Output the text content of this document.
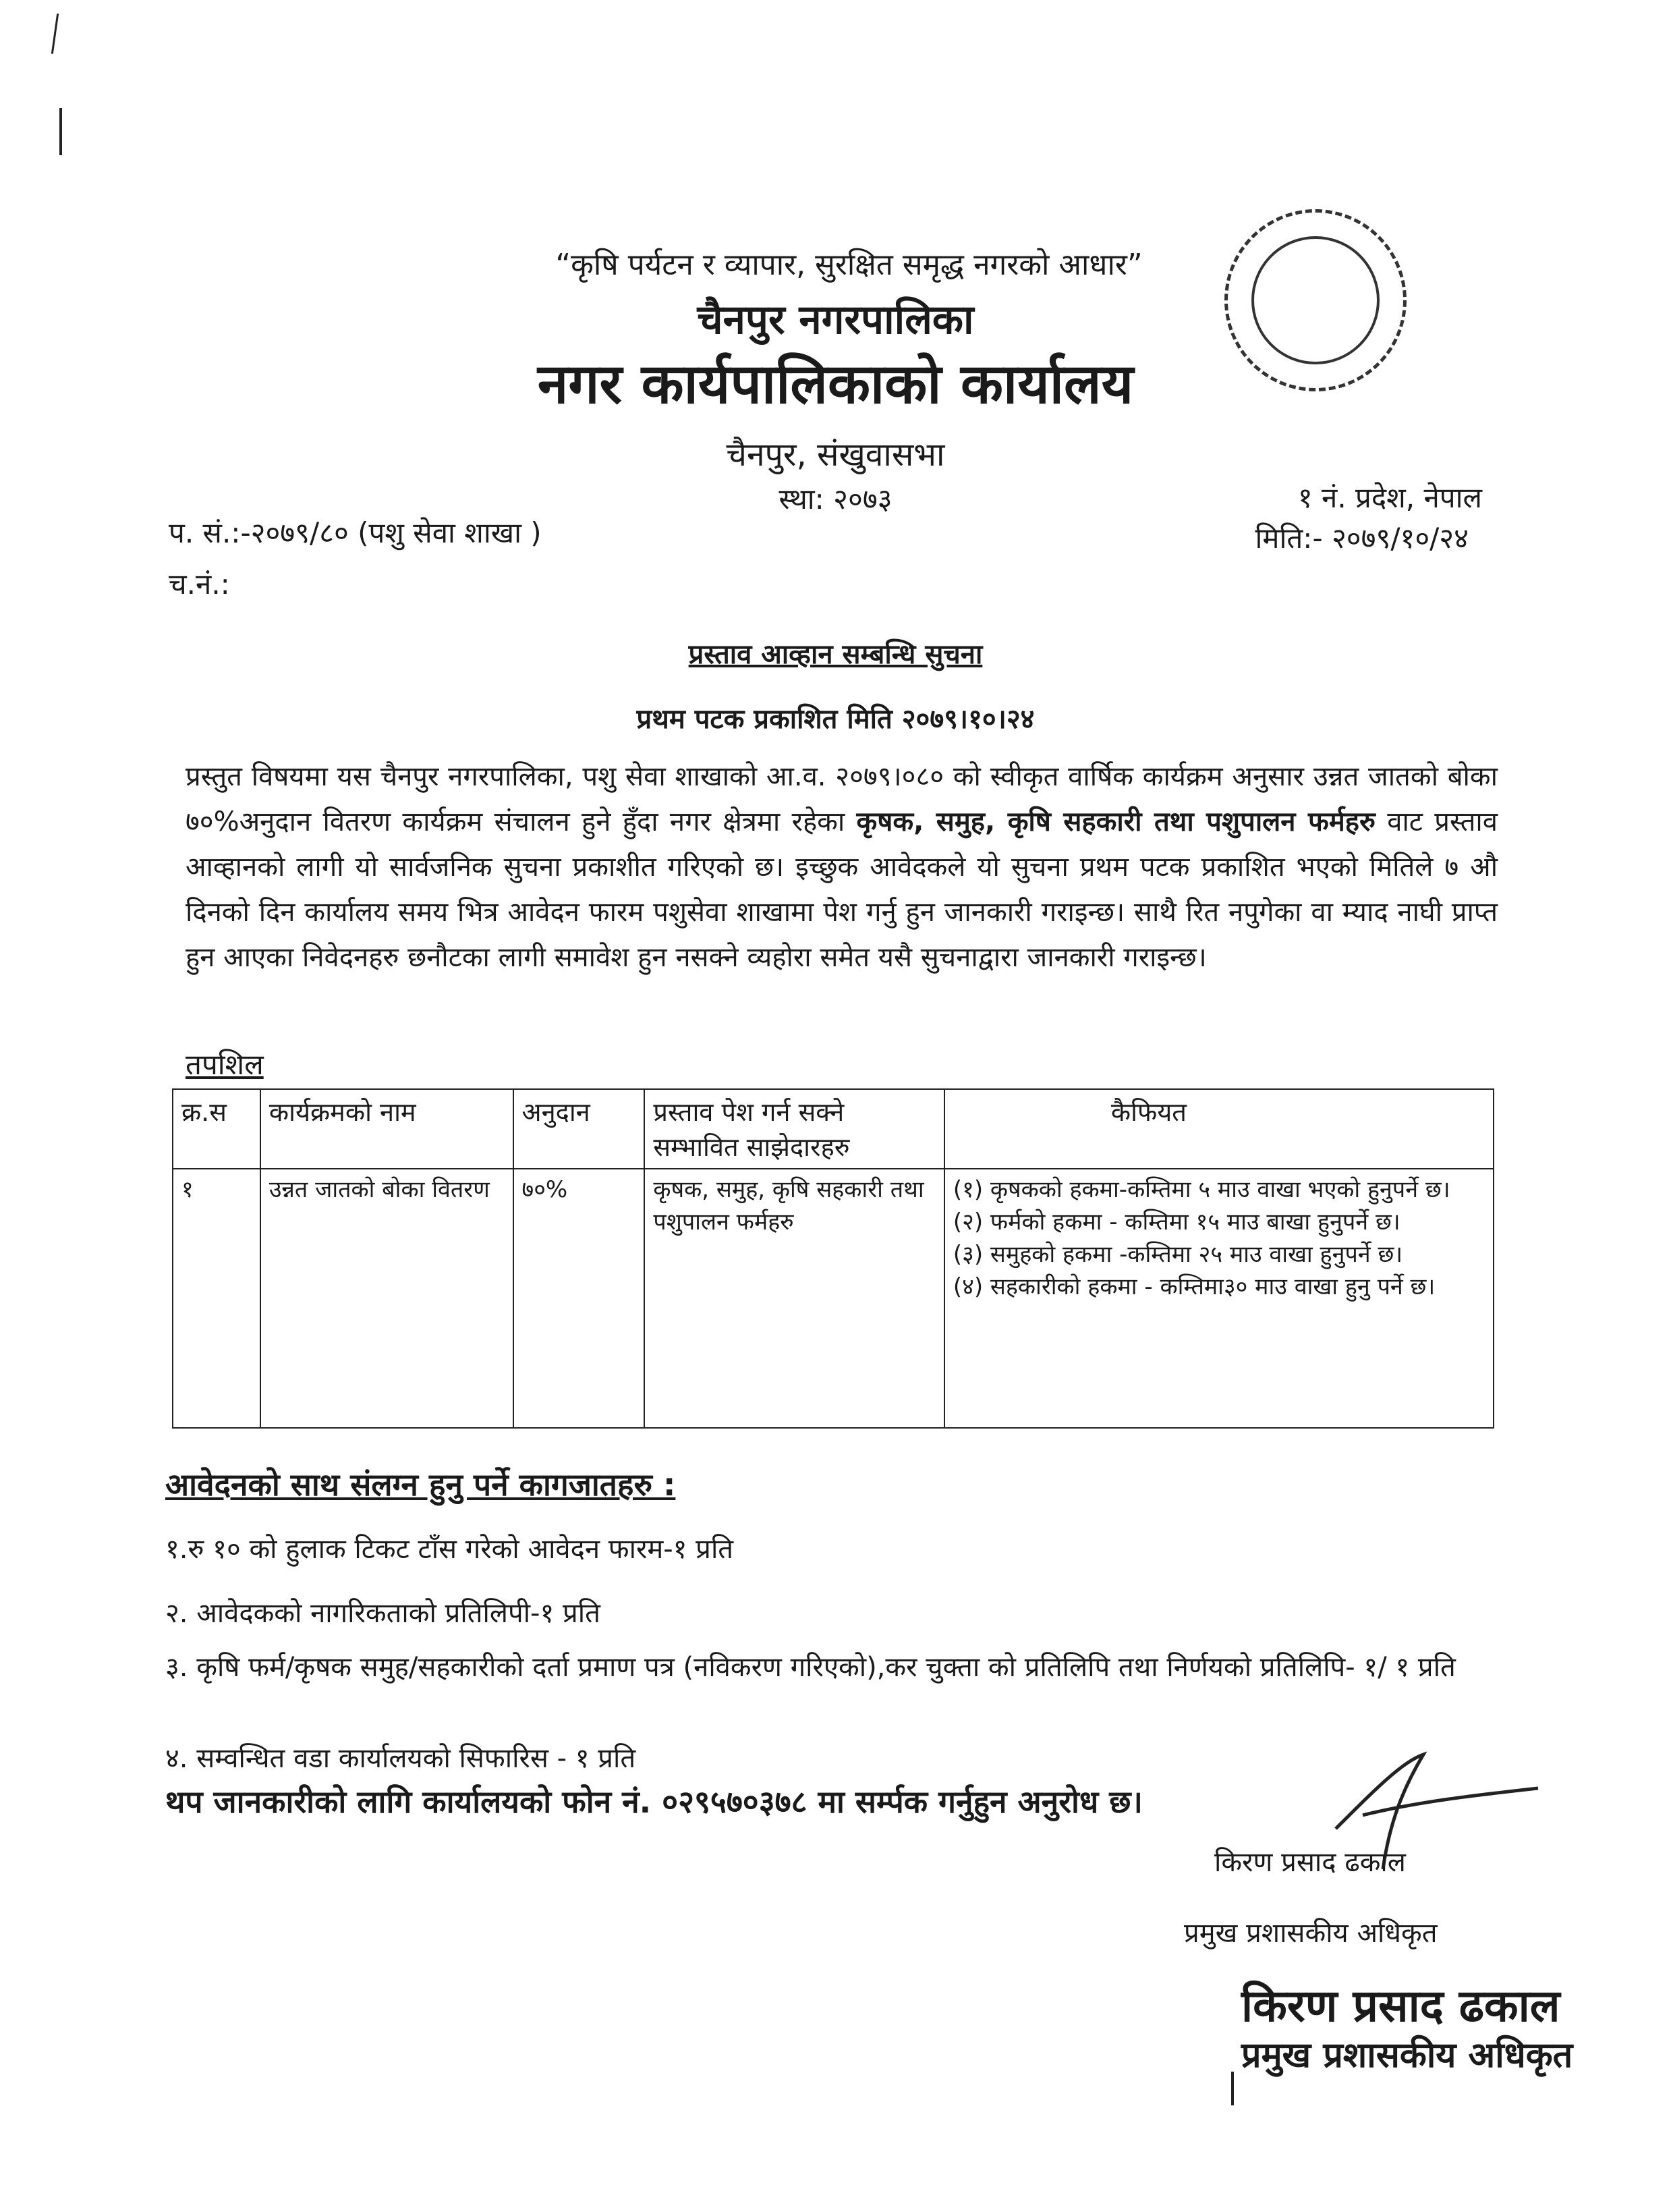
“कृषि पर्यटन र व्यापार, सुरक्षित समृद्ध नगरको आधार”
चैनपुर नगरपालिका
नगर कार्यपालिकाको कार्यालय
चैनपुर, संखुवासभा
स्था: २०७३	१ नं. प्रदेश, नेपाल
मिति:- २०७९/१०/२४
प. सं.:-२०७९/८० (पशु सेवा शाखा )
च.नं.:
प्रस्ताव आव्हान सम्बन्धि सुचना
प्रथम पटक प्रकाशित मिति २०७९।१०।२४
प्रस्तुत विषयमा यस चैनपुर नगरपालिका, पशु सेवा शाखाको आ.व. २०७९।०८० को स्वीकृत वार्षिक कार्यक्रम अनुसार उन्नत जातको बोका ७०%अनुदान वितरण कार्यक्रम संचालन हुने हुँदा नगर क्षेत्रमा रहेका कृषक, समुह, कृषि सहकारी तथा पशुपालन फर्महरु वाट प्रस्ताव आव्हानको लागी यो सार्वजनिक सुचना प्रकाशीत गरिएको छ। इच्छुक आवेदकले यो सुचना प्रथम पटक प्रकाशित भएको मितिले ७ औ दिनको दिन कार्यालय समय भित्र आवेदन फारम पशुसेवा शाखामा पेश गर्नु हुन जानकारी गराइन्छ। साथै रित नपुगेका वा म्याद नाघी प्राप्त हुन आएका निवेदनहरु छनौटका लागी समावेश हुन नसक्ने व्यहोरा समेत यसै सुचनाद्वारा जानकारी गराइन्छ।
तपशिल
क्र.स	कार्यक्रमको नाम	अनुदान	प्रस्ताव पेश गर्न सक्ने सम्भावित साझेदारहरु	कैफियत
१	उन्नत जातको बोका वितरण	७०%	कृषक, समुह, कृषि सहकारी तथा पशुपालन फर्महरु	(१) कृषकको हकमा-कम्तिमा ५ माउ वाखा भएको हुनुपर्ने छ।
(२) फर्मको हकमा - कम्तिमा १५ माउ बाखा हुनुपर्ने छ।
(३) समुहको हकमा -कम्तिमा २५ माउ वाखा हुनुपर्ने छ।
(४) सहकारीको हकमा - कम्तिमा३० माउ वाखा हुनु पर्ने छ।
आवेदनको साथ संलग्न हुनु पर्ने कागजातहरु :
१.रु १० को हुलाक टिकट टाँस गरेको आवेदन फारम-१ प्रति
२. आवेदकको नागरिकताको प्रतिलिपी-१ प्रति
३. कृषि फर्म/कृषक समुह/सहकारीको दर्ता प्रमाण पत्र (नविकरण गरिएको),कर चुक्ता को प्रतिलिपि तथा निर्णयको प्रतिलिपि- १/ १ प्रति
४. सम्वन्धित वडा कार्यालयको सिफारिस - १ प्रति
थप जानकारीको लागि कार्यालयको फोन नं. ०२९५७०३७८ मा सर्म्पक गर्नुहुन अनुरोध छ।
किरण प्रसाद ढकाल
प्रमुख प्रशासकीय अधिकृत
किरण प्रसाद ढकाल
प्रमुख प्रशासकीय अधिकृत
